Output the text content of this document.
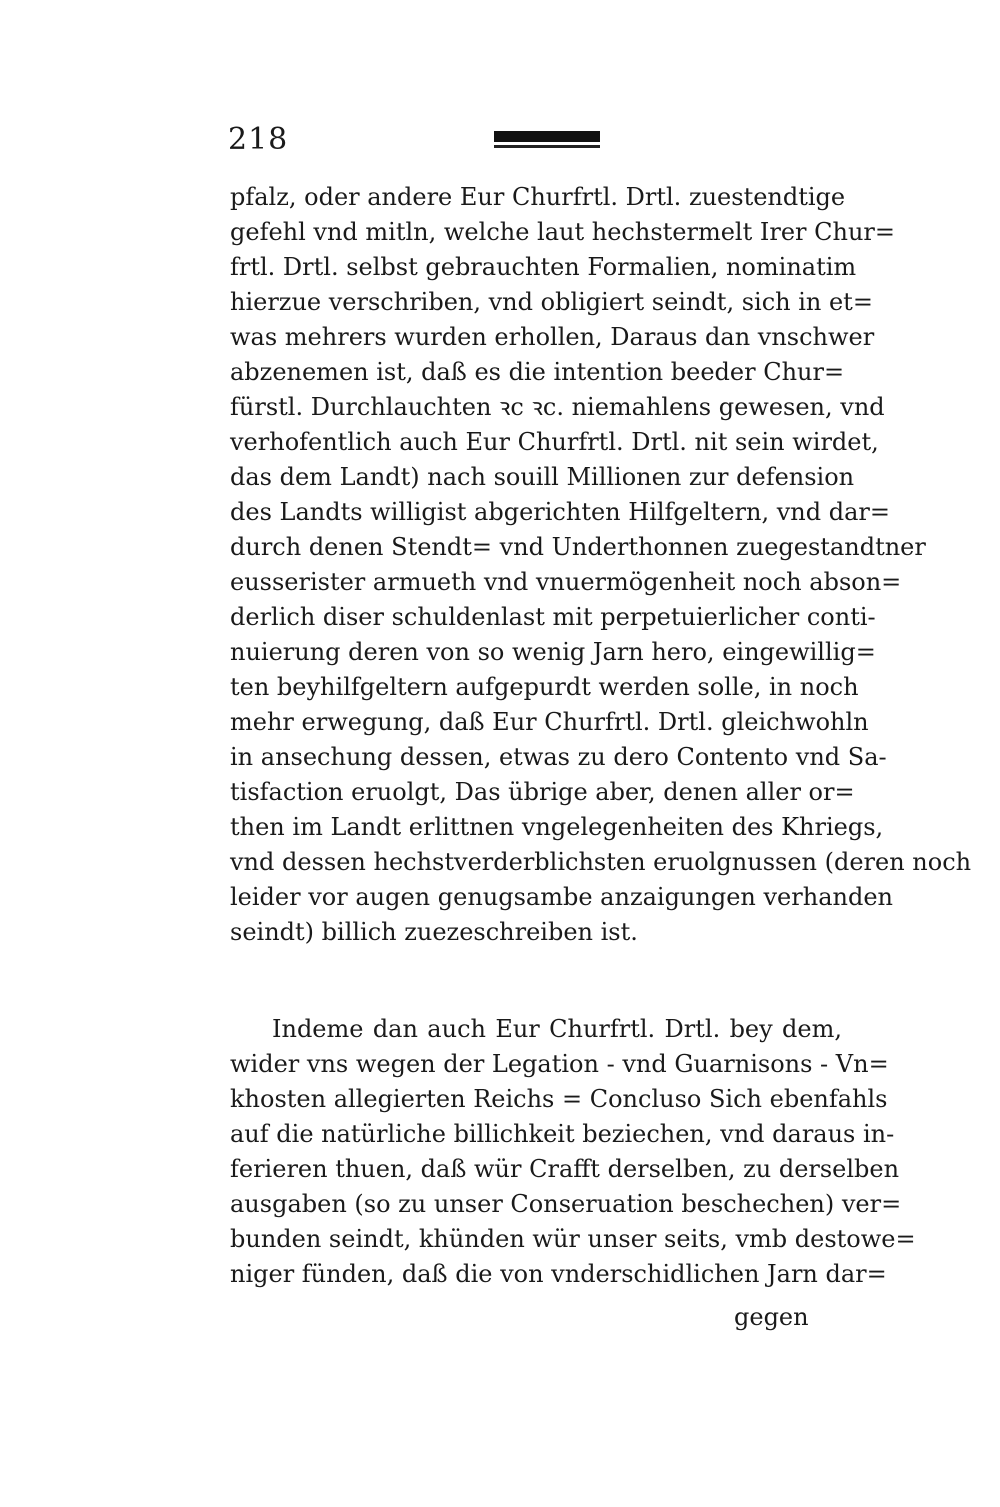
218
pfalz, oder andere Eur Churfrtl. Drtl. zuestendtige
gefehl vnd mitln, welche laut hechstermelt Irer Chur=
frtl. Drtl. selbst gebrauchten Formalien, nominatim
hierzue verschriben, vnd obligiert seindt, sich in et=
was mehrers wurden erhollen, Daraus dan vnschwer
abzenemen ist, daß es die intention beeder Chur=
fürstl. Durchlauchten ꝛc ꝛc. niemahlens gewesen, vnd
verhofentlich auch Eur Churfrtl. Drtl. nit sein wirdet,
das dem Landt) nach souill Millionen zur defension
des Landts willigist abgerichten Hilfgeltern, vnd dar=
durch denen Stendt= vnd Underthonnen zuegestandtner
eusserister armueth vnd vnuermögenheit noch abson=
derlich diser schuldenlast mit perpetuierlicher conti-
nuierung deren von so wenig Jarn hero, eingewillig=
ten beyhilfgeltern aufgepurdt werden solle, in noch
mehr erwegung, daß Eur Churfrtl. Drtl. gleichwohln
in ansechung dessen, etwas zu dero Contento vnd Sa-
tisfaction eruolgt, Das übrige aber, denen aller or=
then im Landt erlittnen vngelegenheiten des Khriegs,
vnd dessen hechstverderblichsten eruolgnussen (deren noch
leider vor augen genugsambe anzaigungen verhanden
seindt) billich zuezeschreiben ist.
Indeme dan auch Eur Churfrtl. Drtl. bey dem,
wider vns wegen der Legation - vnd Guarnisons - Vn=
khosten allegierten Reichs = Concluso Sich ebenfahls
auf die natürliche billichkeit beziechen, vnd daraus in-
ferieren thuen, daß wür Crafft derselben, zu derselben
ausgaben (so zu unser Conseruation beschechen) ver=
bunden seindt, khünden wür unser seits, vmb destowe=
niger fünden, daß die von vnderschidlichen Jarn dar=
gegen
